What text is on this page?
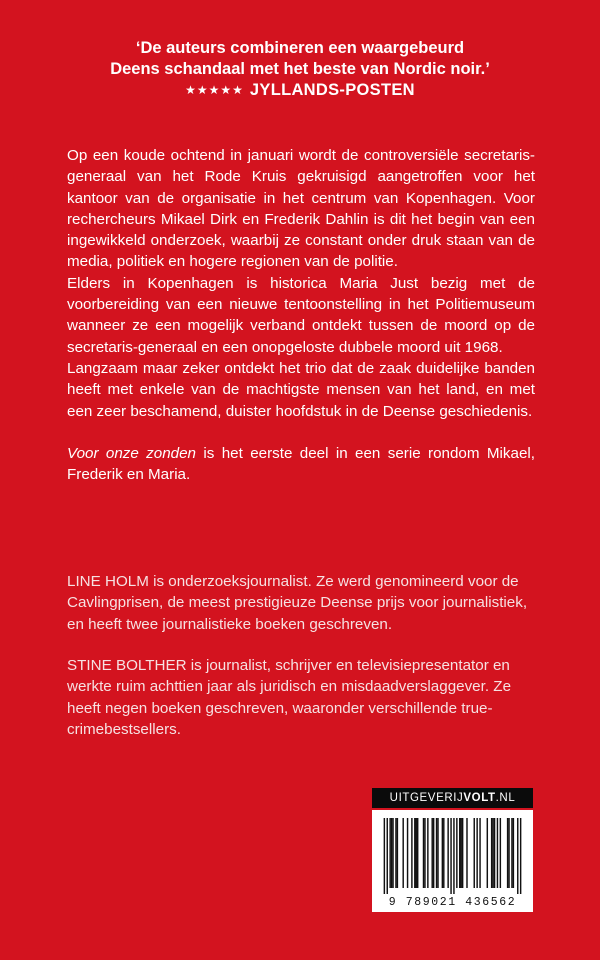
‘De auteurs combineren een waargebeurd
Deens schandaal met het beste van Nordic noir.’
★★★★★ JYLLANDS-POSTEN

Op een koude ochtend in januari wordt de controversiële secretaris-generaal van het Rode Kruis gekruisigd aangetroffen voor het kantoor van de organisatie in het centrum van Kopenhagen. Voor rechercheurs Mikael Dirk en Frederik Dahlin is dit het begin van een ingewikkeld onderzoek, waarbij ze constant onder druk staan van de media, politiek en hogere regionen van de politie.

Elders in Kopenhagen is historica Maria Just bezig met de voorbereiding van een nieuwe tentoonstelling in het Politiemuseum wanneer ze een mogelijk verband ontdekt tussen de moord op de secretaris-generaal en een onopgeloste dubbele moord uit 1968.

Langzaam maar zeker ontdekt het trio dat de zaak duidelijke banden heeft met enkele van de machtigste mensen van het land, en met een zeer beschamend, duister hoofdstuk in de Deense geschiedenis.

Voor onze zonden is het eerste deel in een serie rondom Mikael, Frederik en Maria.

LINE HOLM is onderzoeksjournalist. Ze werd genomineerd voor de Cavlingprisen, de meest prestigieuze Deense prijs voor journalistiek, en heeft twee journalistieke boeken geschreven.

STINE BOLTHER is journalist, schrijver en televisiepresentator en werkte ruim achttien jaar als juridisch en misdaadverslaggever. Ze heeft negen boeken geschreven, waaronder verschillende true-crimebestsellers.

UITGEVERIJVOLT.NL
9 789021 436562
